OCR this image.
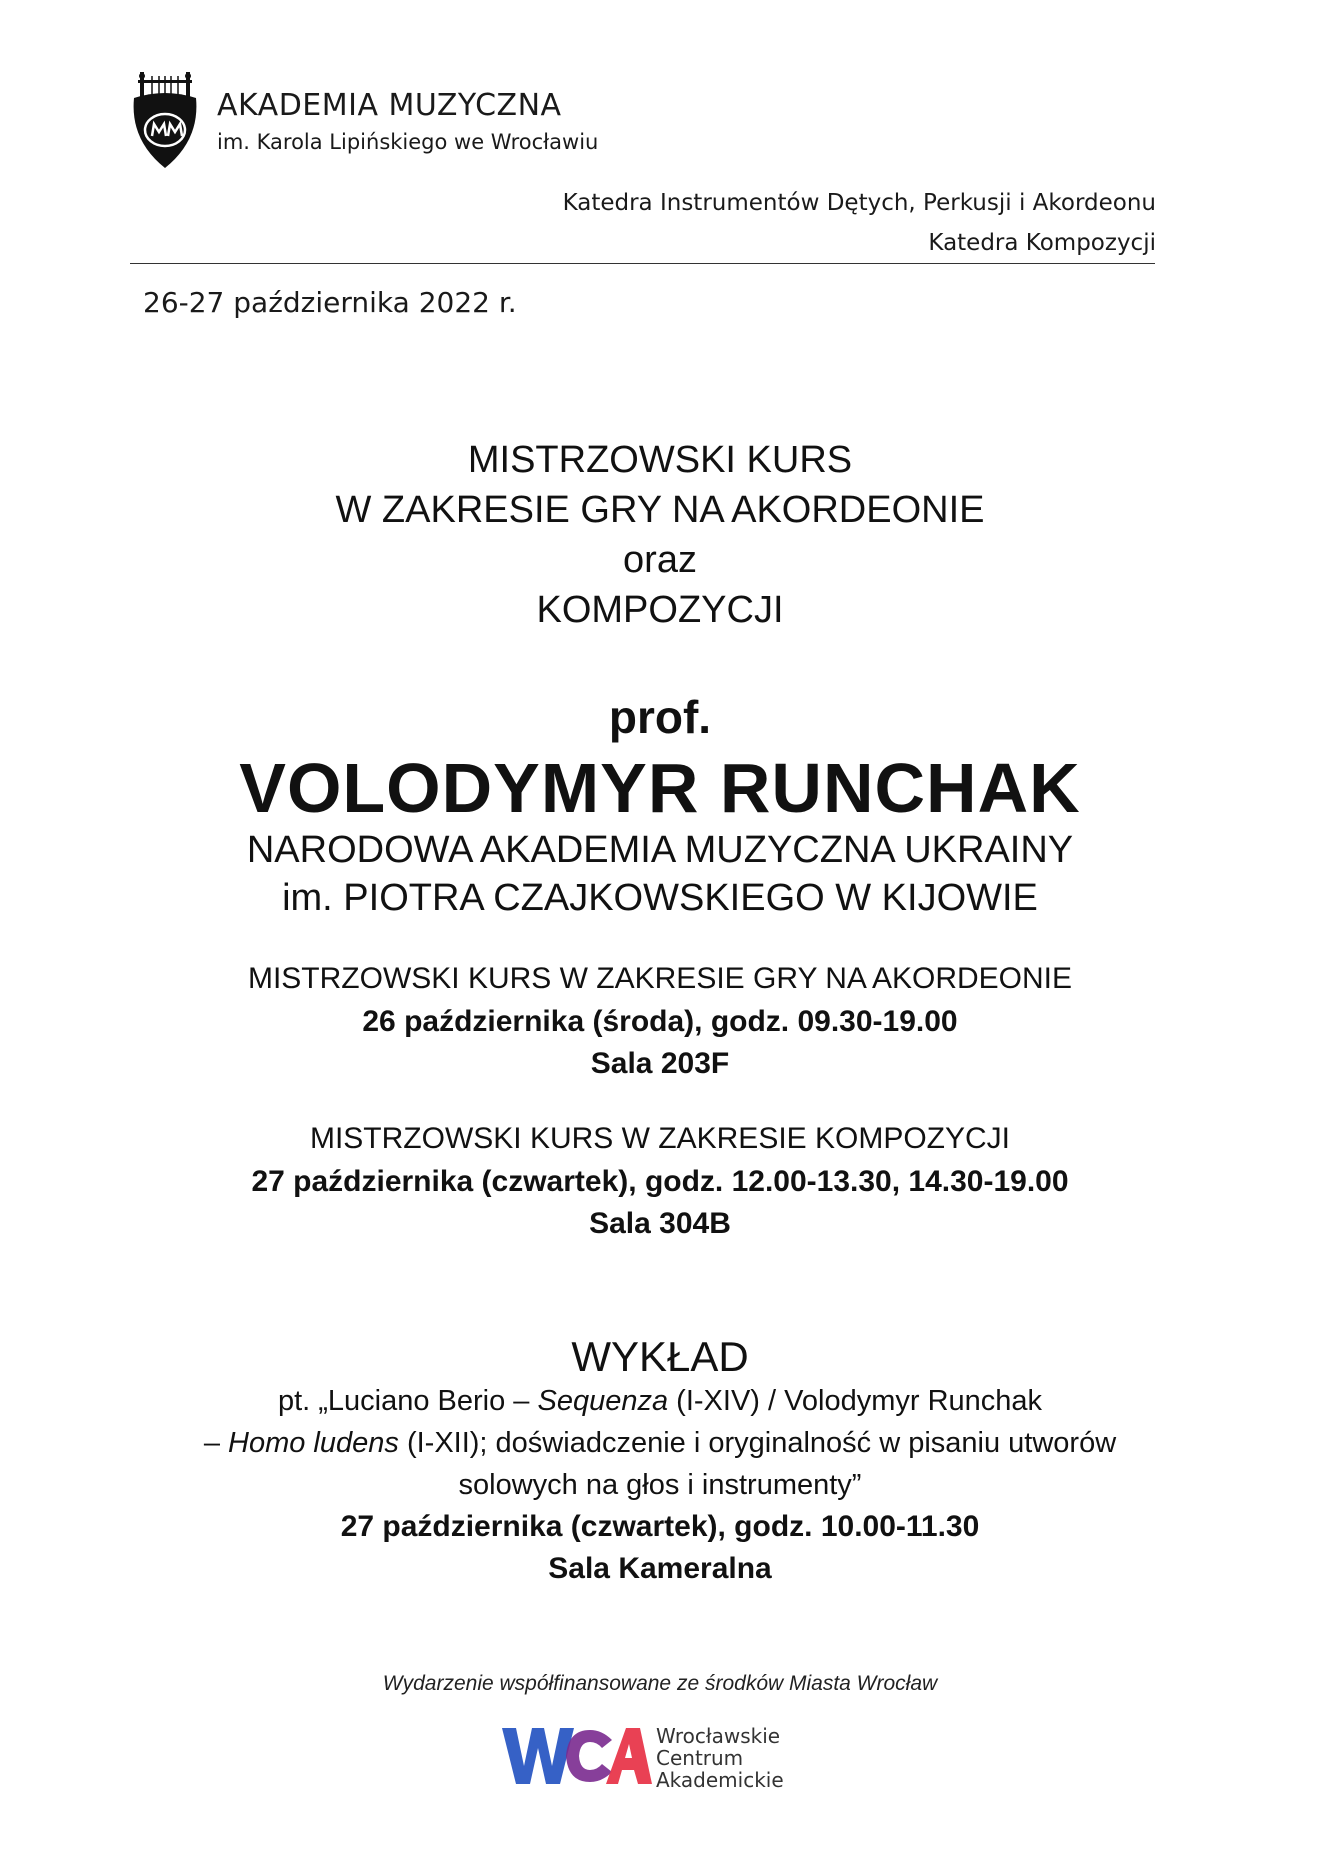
AKADEMIA MUZYCZNA
im. Karola Lipińskiego we Wrocławiu
Katedra Instrumentów Dętych, Perkusji i Akordeonu
Katedra Kompozycji
26-27 października 2022 r.
MISTRZOWSKI KURS
W ZAKRESIE GRY NA AKORDEONIE
oraz
KOMPOZYCJI
prof.
VOLODYMYR RUNCHAK
NARODOWA AKADEMIA MUZYCZNA UKRAINY
im. PIOTRA CZAJKOWSKIEGO W KIJOWIE
MISTRZOWSKI KURS W ZAKRESIE GRY NA AKORDEONIE
26 października (środa), godz. 09.30-19.00
Sala 203F
MISTRZOWSKI KURS W ZAKRESIE KOMPOZYCJI
27 października (czwartek), godz. 12.00-13.30, 14.30-19.00
Sala 304B
WYKŁAD
pt. „Luciano Berio – Sequenza (I-XIV) / Volodymyr Runchak
– Homo ludens (I-XII); doświadczenie i oryginalność w pisaniu utworów
solowych na głos i instrumenty”
27 października (czwartek), godz. 10.00-11.30
Sala Kameralna
Wydarzenie współfinansowane ze środków Miasta Wrocław
Wrocławskie
Centrum
Akademickie
